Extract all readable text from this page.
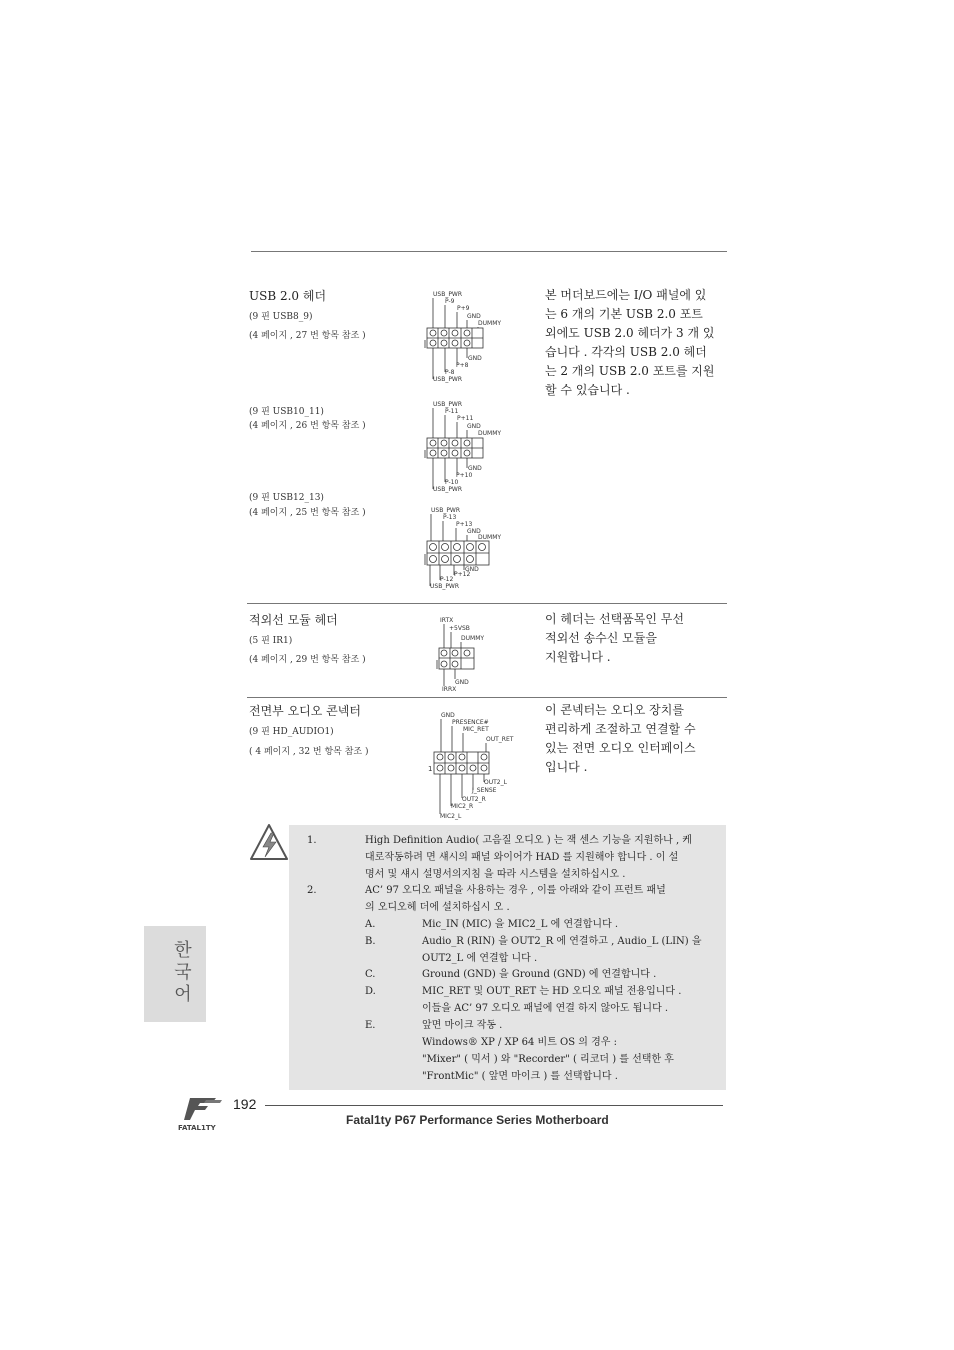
USB 2.0 헤더
(9 핀 USB8_9)
(4 페이지 , 27 번 항목 참조 )
(9 핀 USB10_11)
(4 페이지 , 26 번 항목 참조 )
(9 핀 USB12_13)
(4 페이지 , 25 번 항목 참조 )
본 머더보드에는 I/O 패널에 있
는 6 개의 기본 USB 2.0 포트
외에도 USB 2.0 헤더가 3 개 있
습니다 . 각각의 USB 2.0 헤더
는 2 개의 USB 2.0 포트를 지원
할 수 있습니다 .
USB_PWR
P-9
P+9
GND
DUMMY
GND
P+8
P-8
USB_PWR
USB_PWR
P-11
P+11
GND
DUMMY
GND
P+10
P-10
USB_PWR
USB_PWR
P-13
P+13
GND
DUMMY
GND
P+12
P-12
USB_PWR
적외선 모듈 헤더
(5 핀 IR1)
(4 페이지 , 29 번 항목 참조 )
이 헤더는 선택품목인 무선
적외선 송수신 모듈을
지원합니다 .
IRTX
+5VSB
DUMMY
GND
IRRX
전면부 오디오 콘넥터
(9 핀 HD_AUDIO1)
( 4 페이지 , 32 번 항목 참조 )
이 콘넥터는 오디오 장치를
편리하게 조절하고 연결할 수
있는 전면 오디오 인터페이스
입니다 .
GND
PRESENCE#
MIC_RET
OUT_RET
1
OUT2_L
J_SENSE
OUT2_R
MIC2_R
MIC2_L
1.	High Definition Audio( 고음질 오디오 ) 는 잭 센스 기능을 지원하나 , 케
대로작동하려 면 섀시의 패널 와이어가 HAD 를 지원해야 합니다 . 이 설
명서 및 섀시 설명서의지침 을 따라 시스템을 설치하십시오 .
2.	AC’ 97 오디오 패널을 사용하는 경우 , 이를 아래와 같이 프런트 패널
의 오디오헤 더에 설치하십시 오 .
A.	Mic_IN (MIC) 을 MIC2_L 에 연결합니다 .
B.	Audio_R (RIN) 을 OUT2_R 에 연결하고 , Audio_L (LIN) 을
OUT2_L 에 연결합 니다 .
C.	Ground (GND) 을 Ground (GND) 에 연결합니다 .
D.	MIC_RET 및 OUT_RET 는 HD 오디오 패널 전용입니다 .
이들을 AC’ 97 오디오 패널에 연결 하지 않아도 됩니다 .
E.	앞면 마이크 작동 .
Windows® XP / XP 64 비트 OS 의 경우 :
"Mixer" ( 믹서 ) 와 "Recorder" ( 리코더 ) 를 선택한 후
"FrontMic" ( 앞면 마이크 ) 를 선택합니다 .
한국어
FATAL1TY
192
Fatal1ty P67 Performance Series Motherboard
